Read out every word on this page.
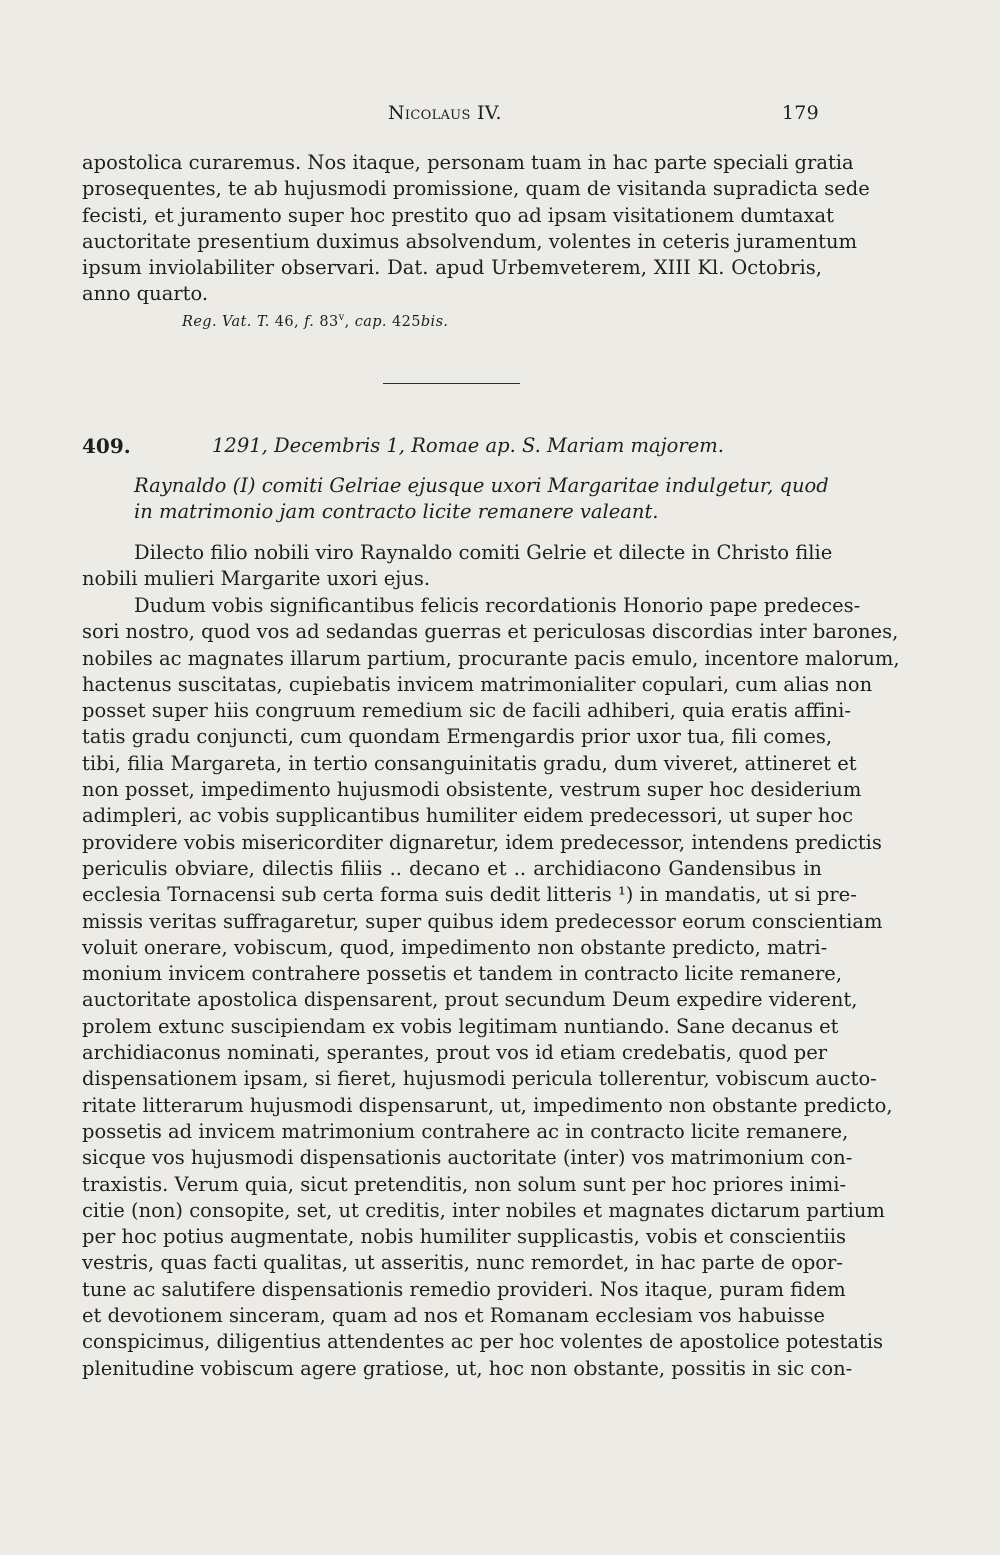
Nicolaus IV.	179
apostolica curaremus. Nos itaque, personam tuam in hac parte speciali gratia
prosequentes, te ab hujusmodi promissione, quam de visitanda supradicta sede
fecisti, et juramento super hoc prestito quo ad ipsam visitationem dumtaxat
auctoritate presentium duximus absolvendum, volentes in ceteris juramentum
ipsum inviolabiliter observari. Dat. apud Urbemveterem, XIII Kl. Octobris,
anno quarto.
Reg. Vat. T. 46, f. 83$^v$, cap. 425bis.
409.	1291, Decembris 1, Romae ap. S. Mariam majorem.
Raynaldo (I) comiti Gelriae ejusque uxori Margaritae indulgetur, quod
in matrimonio jam contracto licite remanere valeant.
Dilecto filio nobili viro Raynaldo comiti Gelrie et dilecte in Christo filie
nobili mulieri Margarite uxori ejus.
Dudum vobis significantibus felicis recordationis Honorio pape predeces-
sori nostro, quod vos ad sedandas guerras et periculosas discordias inter barones,
nobiles ac magnates illarum partium, procurante pacis emulo, incentore malorum,
hactenus suscitatas, cupiebatis invicem matrimonialiter copulari, cum alias non
posset super hiis congruum remedium sic de facili adhiberi, quia eratis affini-
tatis gradu conjuncti, cum quondam Ermengardis prior uxor tua, fili comes,
tibi, filia Margareta, in tertio consanguinitatis gradu, dum viveret, attineret et
non posset, impedimento hujusmodi obsistente, vestrum super hoc desiderium
adimpleri, ac vobis supplicantibus humiliter eidem predecessori, ut super hoc
providere vobis misericorditer dignaretur, idem predecessor, intendens predictis
periculis obviare, dilectis filiis .. decano et .. archidiacono Gandensibus in
ecclesia Tornacensi sub certa forma suis dedit litteris ¹) in mandatis, ut si pre-
missis veritas suffragaretur, super quibus idem predecessor eorum conscientiam
voluit onerare, vobiscum, quod, impedimento non obstante predicto, matri-
monium invicem contrahere possetis et tandem in contracto licite remanere,
auctoritate apostolica dispensarent, prout secundum Deum expedire viderent,
prolem extunc suscipiendam ex vobis legitimam nuntiando. Sane decanus et
archidiaconus nominati, sperantes, prout vos id etiam credebatis, quod per
dispensationem ipsam, si fieret, hujusmodi pericula tollerentur, vobiscum aucto-
ritate litterarum hujusmodi dispensarunt, ut, impedimento non obstante predicto,
possetis ad invicem matrimonium contrahere ac in contracto licite remanere,
sicque vos hujusmodi dispensationis auctoritate (inter) vos matrimonium con-
traxistis. Verum quia, sicut pretenditis, non solum sunt per hoc priores inimi-
citie (non) consopite, set, ut creditis, inter nobiles et magnates dictarum partium
per hoc potius augmentate, nobis humiliter supplicastis, vobis et conscientiis
vestris, quas facti qualitas, ut asseritis, nunc remordet, in hac parte de opor-
tune ac salutifere dispensationis remedio provideri. Nos itaque, puram fidem
et devotionem sinceram, quam ad nos et Romanam ecclesiam vos habuisse
conspicimus, diligentius attendentes ac per hoc volentes de apostolice potestatis
plenitudine vobiscum agere gratiose, ut, hoc non obstante, possitis in sic con-
